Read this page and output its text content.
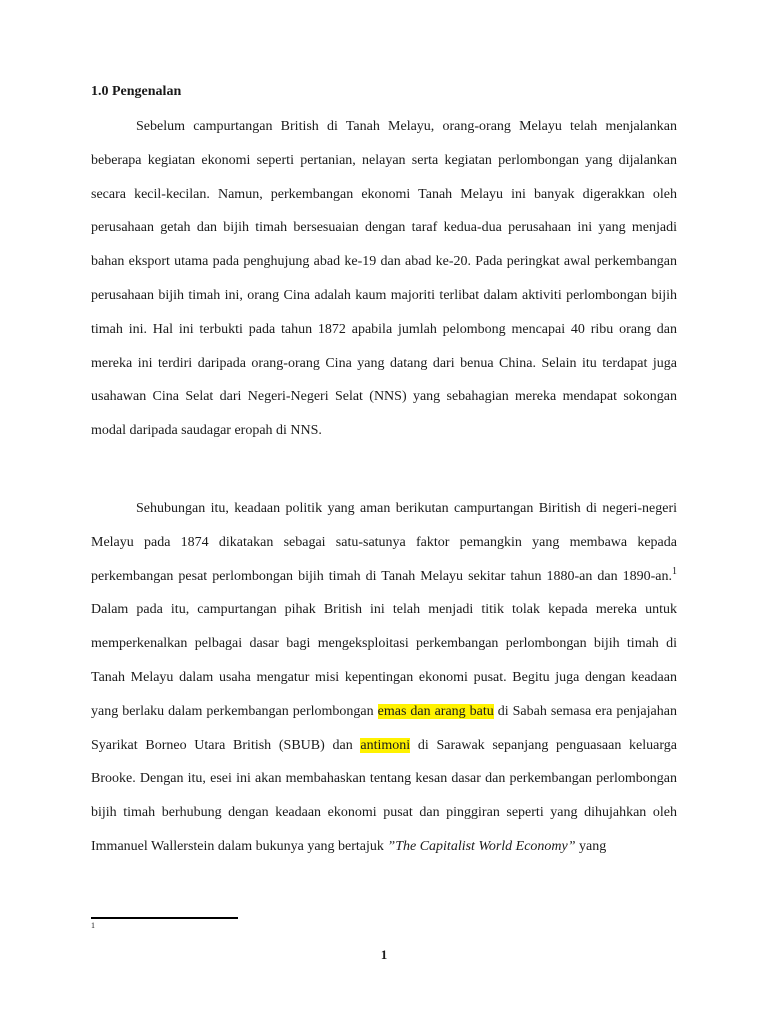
1.0 Pengenalan

Sebelum campurtangan British di Tanah Melayu, orang-orang Melayu telah menjalankan beberapa kegiatan ekonomi seperti pertanian, nelayan serta kegiatan perlombongan yang dijalankan secara kecil-kecilan. Namun, perkembangan ekonomi Tanah Melayu ini banyak digerakkan oleh perusahaan getah dan bijih timah bersesuaian dengan taraf kedua-dua perusahaan ini yang menjadi bahan eksport utama pada penghujung abad ke-19 dan abad ke-20. Pada peringkat awal perkembangan perusahaan bijih timah ini, orang Cina adalah kaum majoriti terlibat dalam aktiviti perlombongan bijih timah ini. Hal ini terbukti pada tahun 1872 apabila jumlah pelombong mencapai 40 ribu orang dan mereka ini terdiri daripada orang-orang Cina yang datang dari benua China. Selain itu terdapat juga usahawan Cina Selat dari Negeri-Negeri Selat (NNS) yang sebahagian mereka mendapat sokongan modal daripada saudagar eropah di NNS.

Sehubungan itu, keadaan politik yang aman berikutan campurtangan Biritish di negeri-negeri Melayu pada 1874 dikatakan sebagai satu-satunya faktor pemangkin yang membawa kepada perkembangan pesat perlombongan bijih timah di Tanah Melayu sekitar tahun 1880-an dan 1890-an.$^1$ Dalam pada itu, campurtangan pihak British ini telah menjadi titik tolak kepada mereka untuk memperkenalkan pelbagai dasar bagi mengeksploitasi perkembangan perlombongan bijih timah di Tanah Melayu dalam usaha mengatur misi kepentingan ekonomi pusat. Begitu juga dengan keadaan yang berlaku dalam perkembangan perlombongan emas dan arang batu di Sabah semasa era penjajahan Syarikat Borneo Utara British (SBUB) dan antimoni di Sarawak sepanjang penguasaan keluarga Brooke. Dengan itu, esei ini akan membahaskan tentang kesan dasar dan perkembangan perlombongan bijih timah berhubung dengan keadaan ekonomi pusat dan pinggiran seperti yang dihujahkan oleh Immanuel Wallerstein dalam bukunya yang bertajuk ”The Capitalist World Economy” yang

1
1
